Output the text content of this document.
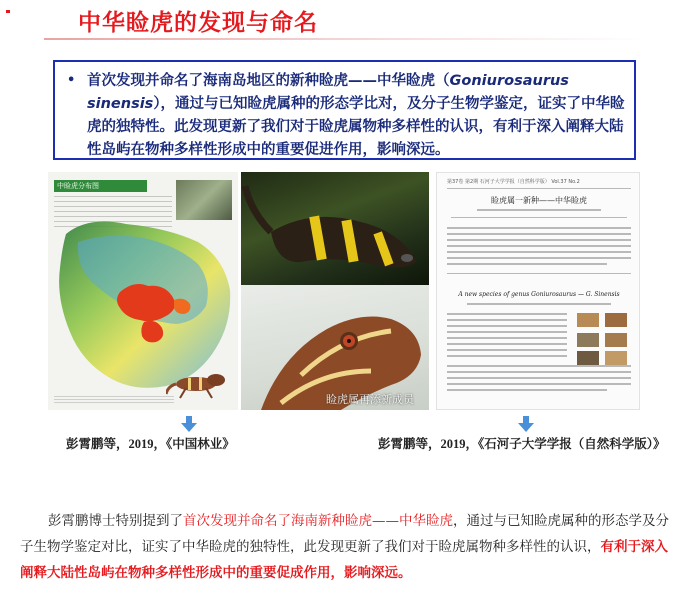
中华睑虎的发现与命名
• 首次发现并命名了海南岛地区的新种睑虎——中华睑虎（Goniurosaurus sinensis），通过与已知睑虎属种的形态学比对，及分子生物学鉴定，证实了中华睑虎的独特性。此发现更新了我们对于睑虎属物种多样性的认识，有利于深入阐释大陆性岛屿在物种多样性形成中的重要促进作用，影响深远。
中睑虎分布图
睑虎属再添新成员
第37卷 第2期 石河子大学学报（自然科学版） Vol.37 No.2
睑虎属一新种——中华睑虎
A new species of genus Goniurosaurus — G. Sinensis
彭霄鹏等，2019，《中国林业》	彭霄鹏等，2019，《石河子大学学报（自然科学版）》
彭霄鹏博士特别提到了首次发现并命名了海南新种睑虎——中华睑虎，通过与已知睑虎属种的形态学及分子生物学鉴定对比，证实了中华睑虎的独特性，此发现更新了我们对于睑虎属物种多样性的认识，有利于深入阐释大陆性岛屿在物种多样性形成中的重要促成作用，影响深远。
